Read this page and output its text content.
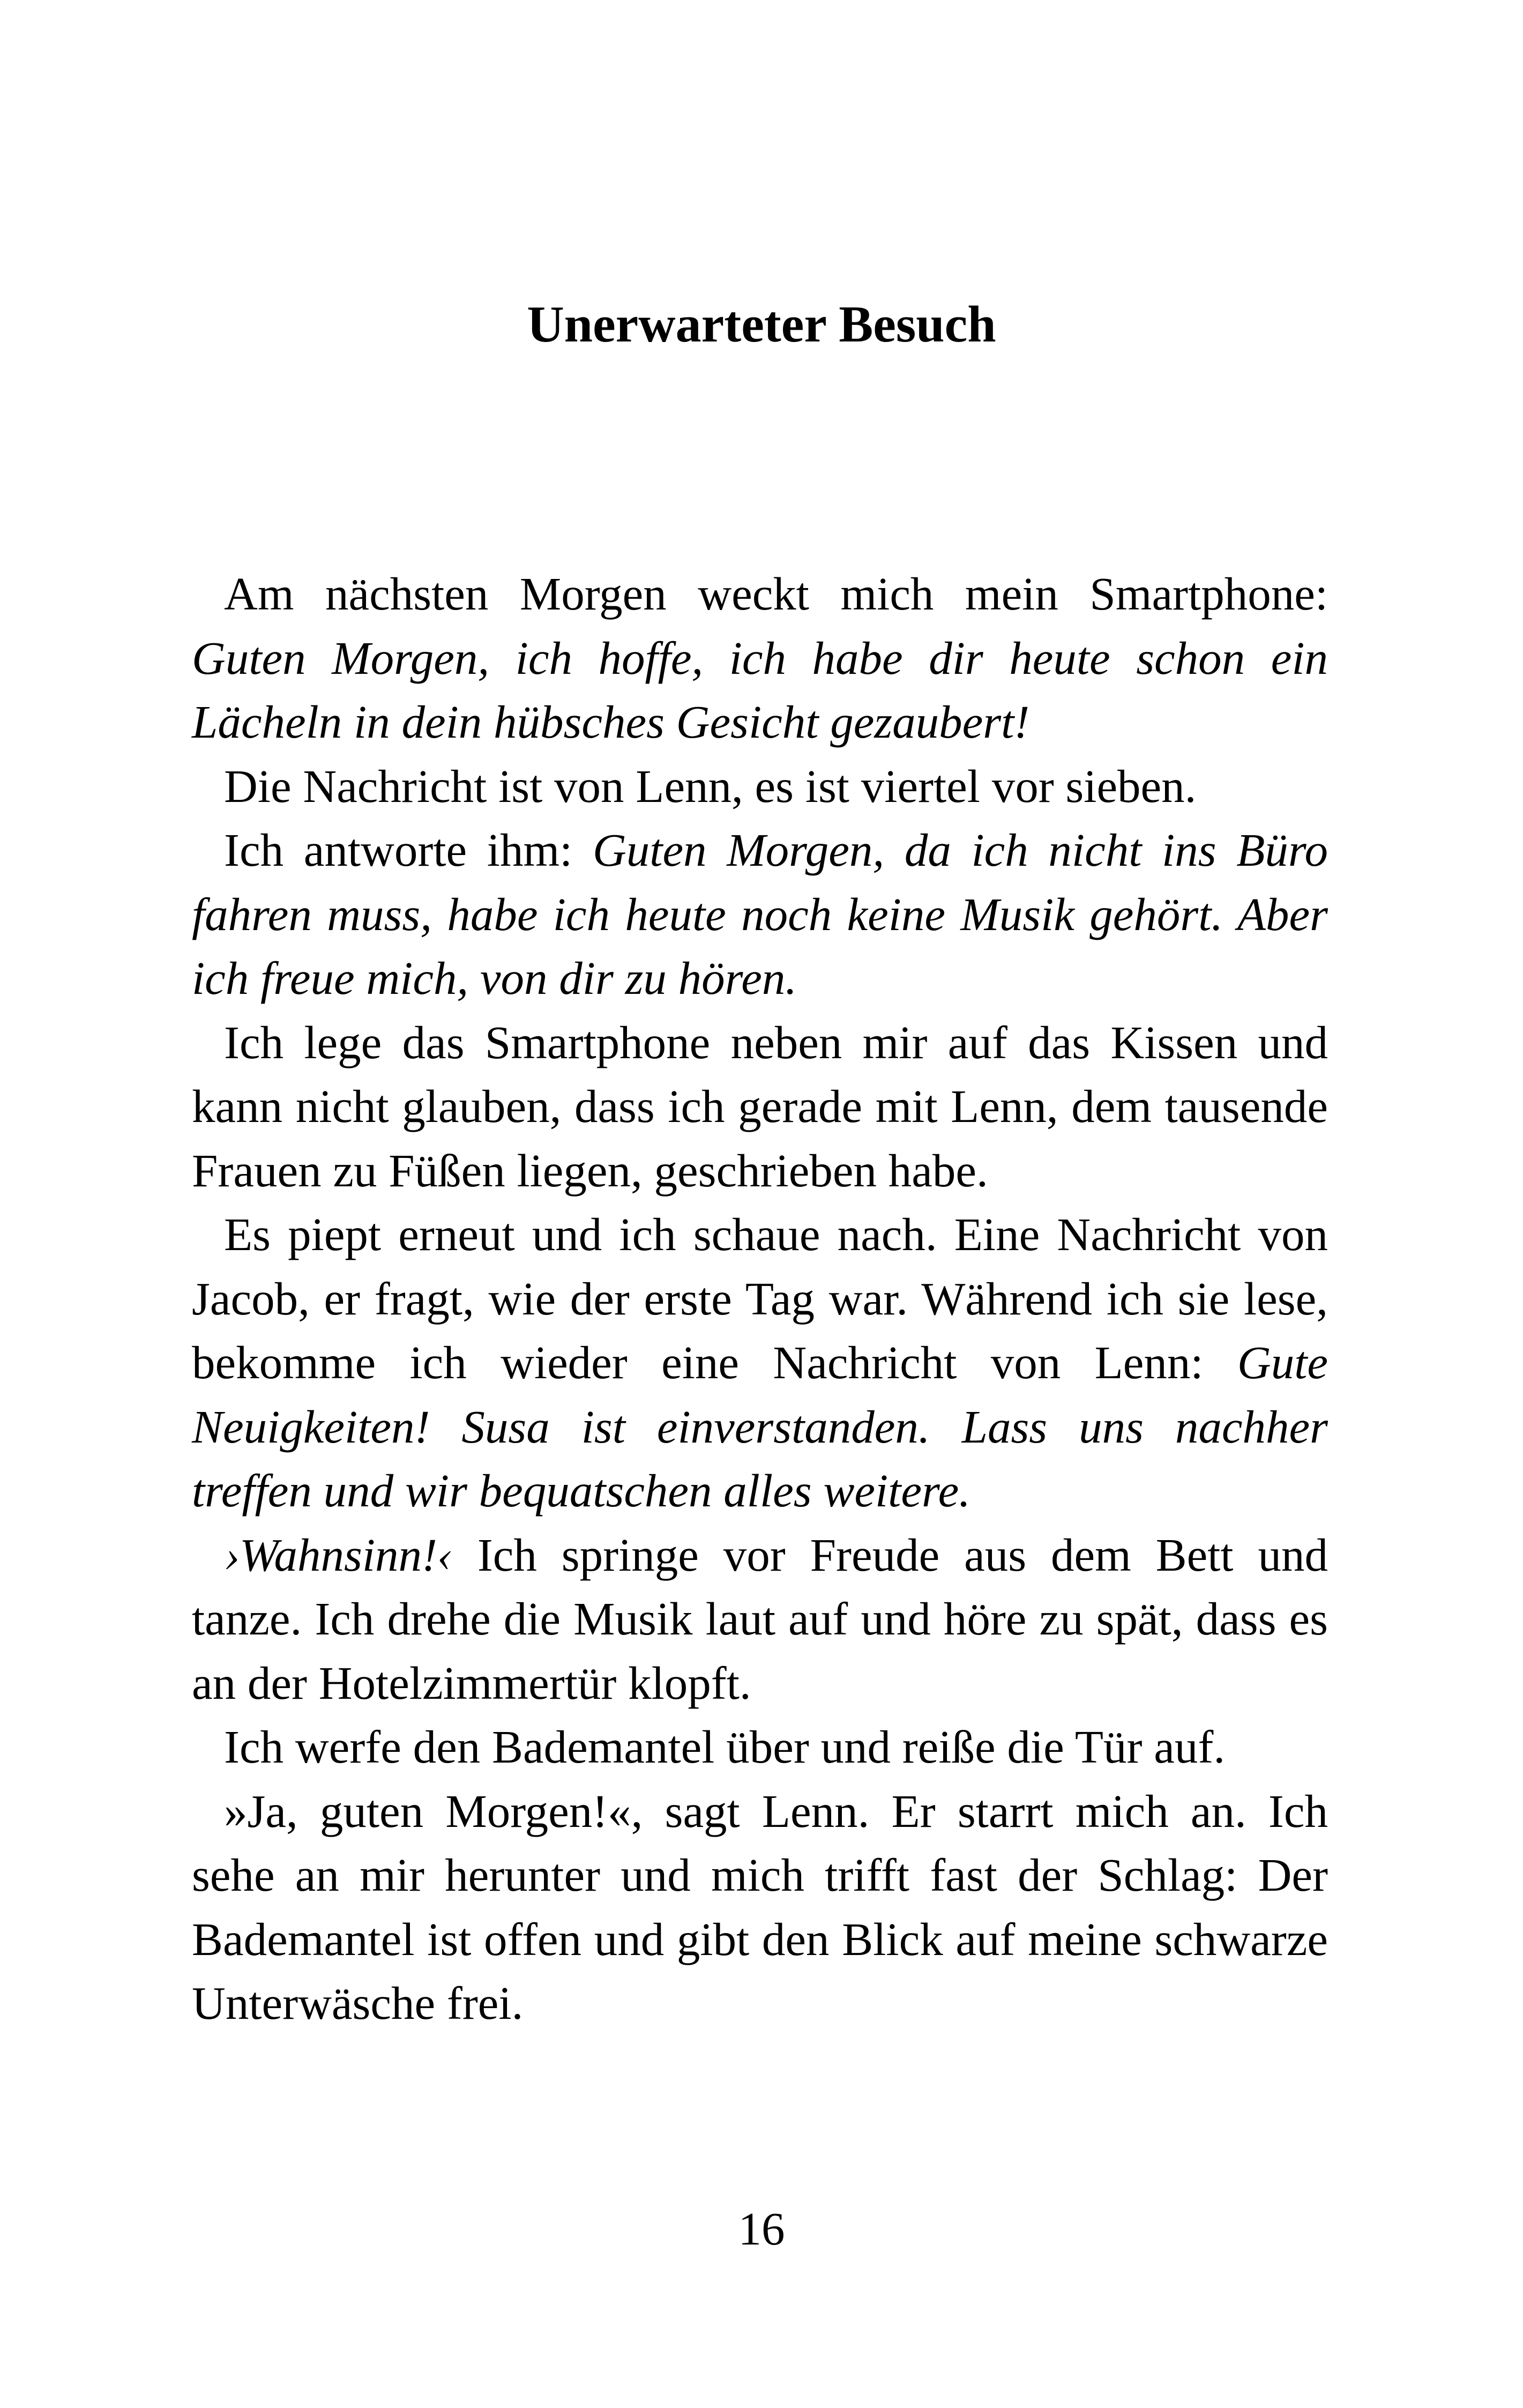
Unerwarteter Besuch

Am nächsten Morgen weckt mich mein Smartphone: Guten Morgen, ich hoffe, ich habe dir heute schon ein Lächeln in dein hübsches Gesicht gezaubert!

Die Nachricht ist von Lenn, es ist viertel vor sieben.

Ich antworte ihm: Guten Morgen, da ich nicht ins Büro fahren muss, habe ich heute noch keine Musik gehört. Aber ich freue mich, von dir zu hören.

Ich lege das Smartphone neben mir auf das Kissen und kann nicht glauben, dass ich gerade mit Lenn, dem tausende Frauen zu Füßen liegen, geschrieben habe.

Es piept erneut und ich schaue nach. Eine Nachricht von Jacob, er fragt, wie der erste Tag war. Während ich sie lese, bekomme ich wieder eine Nachricht von Lenn: Gute Neuigkeiten! Susa ist einverstanden. Lass uns nachher treffen und wir bequatschen alles weitere.

›Wahnsinn!‹ Ich springe vor Freude aus dem Bett und tanze. Ich drehe die Musik laut auf und höre zu spät, dass es an der Hotelzimmertür klopft.

Ich werfe den Bademantel über und reiße die Tür auf.

»Ja, guten Morgen!«, sagt Lenn. Er starrt mich an. Ich sehe an mir herunter und mich trifft fast der Schlag: Der Bademantel ist offen und gibt den Blick auf meine schwarze Unterwäsche frei.

16
